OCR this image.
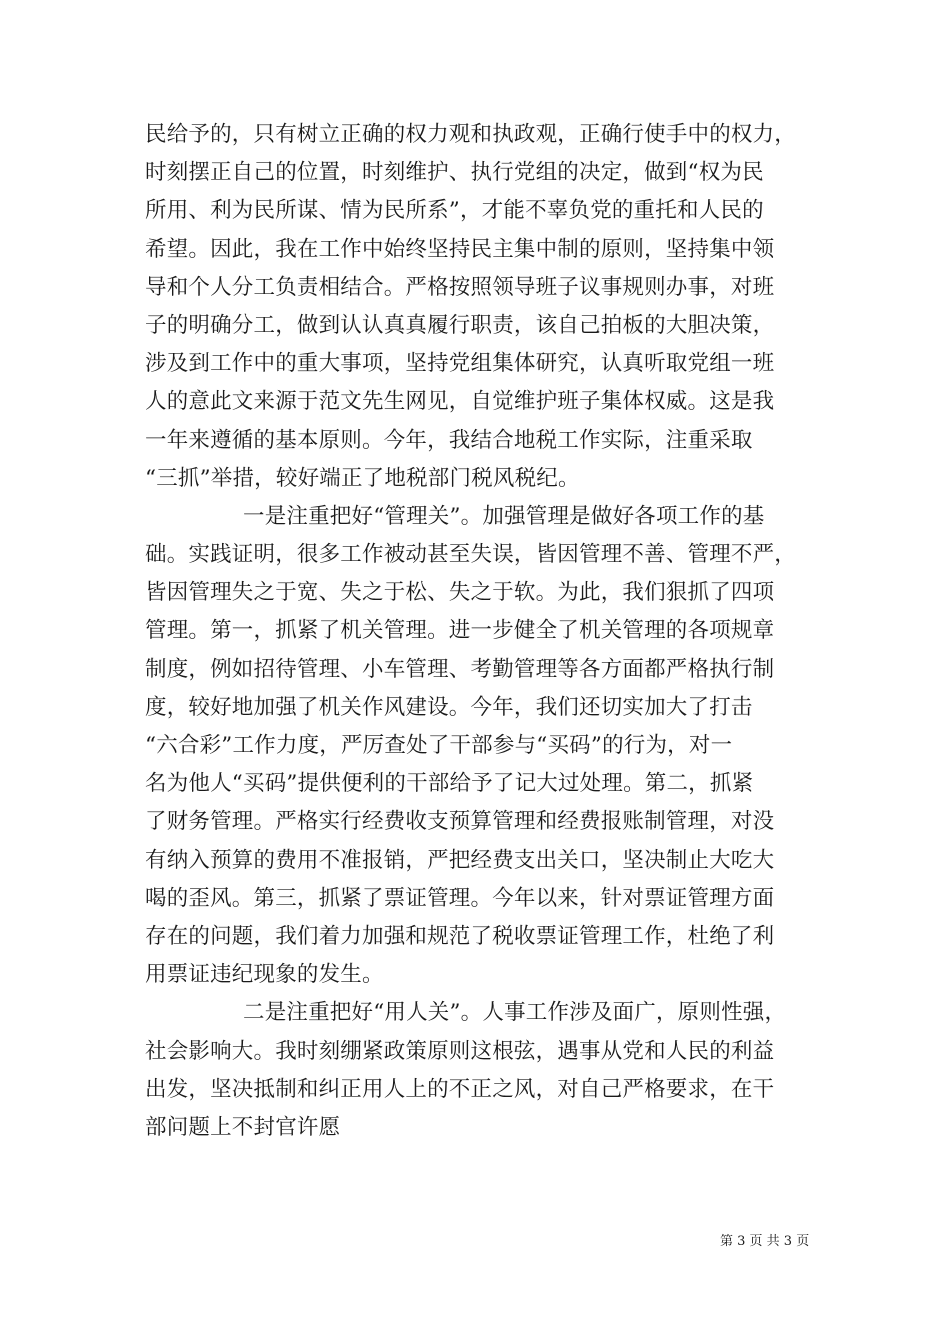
民给予的，只有树立正确的权力观和执政观，正确行使手中的权力，
时刻摆正自己的位置，时刻维护、执行党组的决定，做到“权为民
所用、利为民所谋、情为民所系”，才能不辜负党的重托和人民的
希望。因此，我在工作中始终坚持民主集中制的原则，坚持集中领
导和个人分工负责相结合。严格按照领导班子议事规则办事，对班
子的明确分工，做到认认真真履行职责，该自己拍板的大胆决策，
涉及到工作中的重大事项，坚持党组集体研究，认真听取党组一班
人的意此文来源于范文先生网见，自觉维护班子集体权威。这是我
一年来遵循的基本原则。今年，我结合地税工作实际，注重采取
“三抓”举措，较好端正了地税部门税风税纪。
一是注重把好“管理关”。加强管理是做好各项工作的基
础。实践证明，很多工作被动甚至失误，皆因管理不善、管理不严，
皆因管理失之于宽、失之于松、失之于软。为此，我们狠抓了四项
管理。第一，抓紧了机关管理。进一步健全了机关管理的各项规章
制度，例如招待管理、小车管理、考勤管理等各方面都严格执行制
度，较好地加强了机关作风建设。今年，我们还切实加大了打击
“六合彩”工作力度，严厉查处了干部参与“买码”的行为，对一
名为他人“买码”提供便利的干部给予了记大过处理。第二，抓紧
了财务管理。严格实行经费收支预算管理和经费报账制管理，对没
有纳入预算的费用不准报销，严把经费支出关口，坚决制止大吃大
喝的歪风。第三，抓紧了票证管理。今年以来，针对票证管理方面
存在的问题，我们着力加强和规范了税收票证管理工作，杜绝了利
用票证违纪现象的发生。
二是注重把好“用人关”。人事工作涉及面广，原则性强，
社会影响大。我时刻绷紧政策原则这根弦，遇事从党和人民的利益
出发，坚决抵制和纠正用人上的不正之风，对自己严格要求，在干
部问题上不封官许愿
第 3 页 共 3 页
